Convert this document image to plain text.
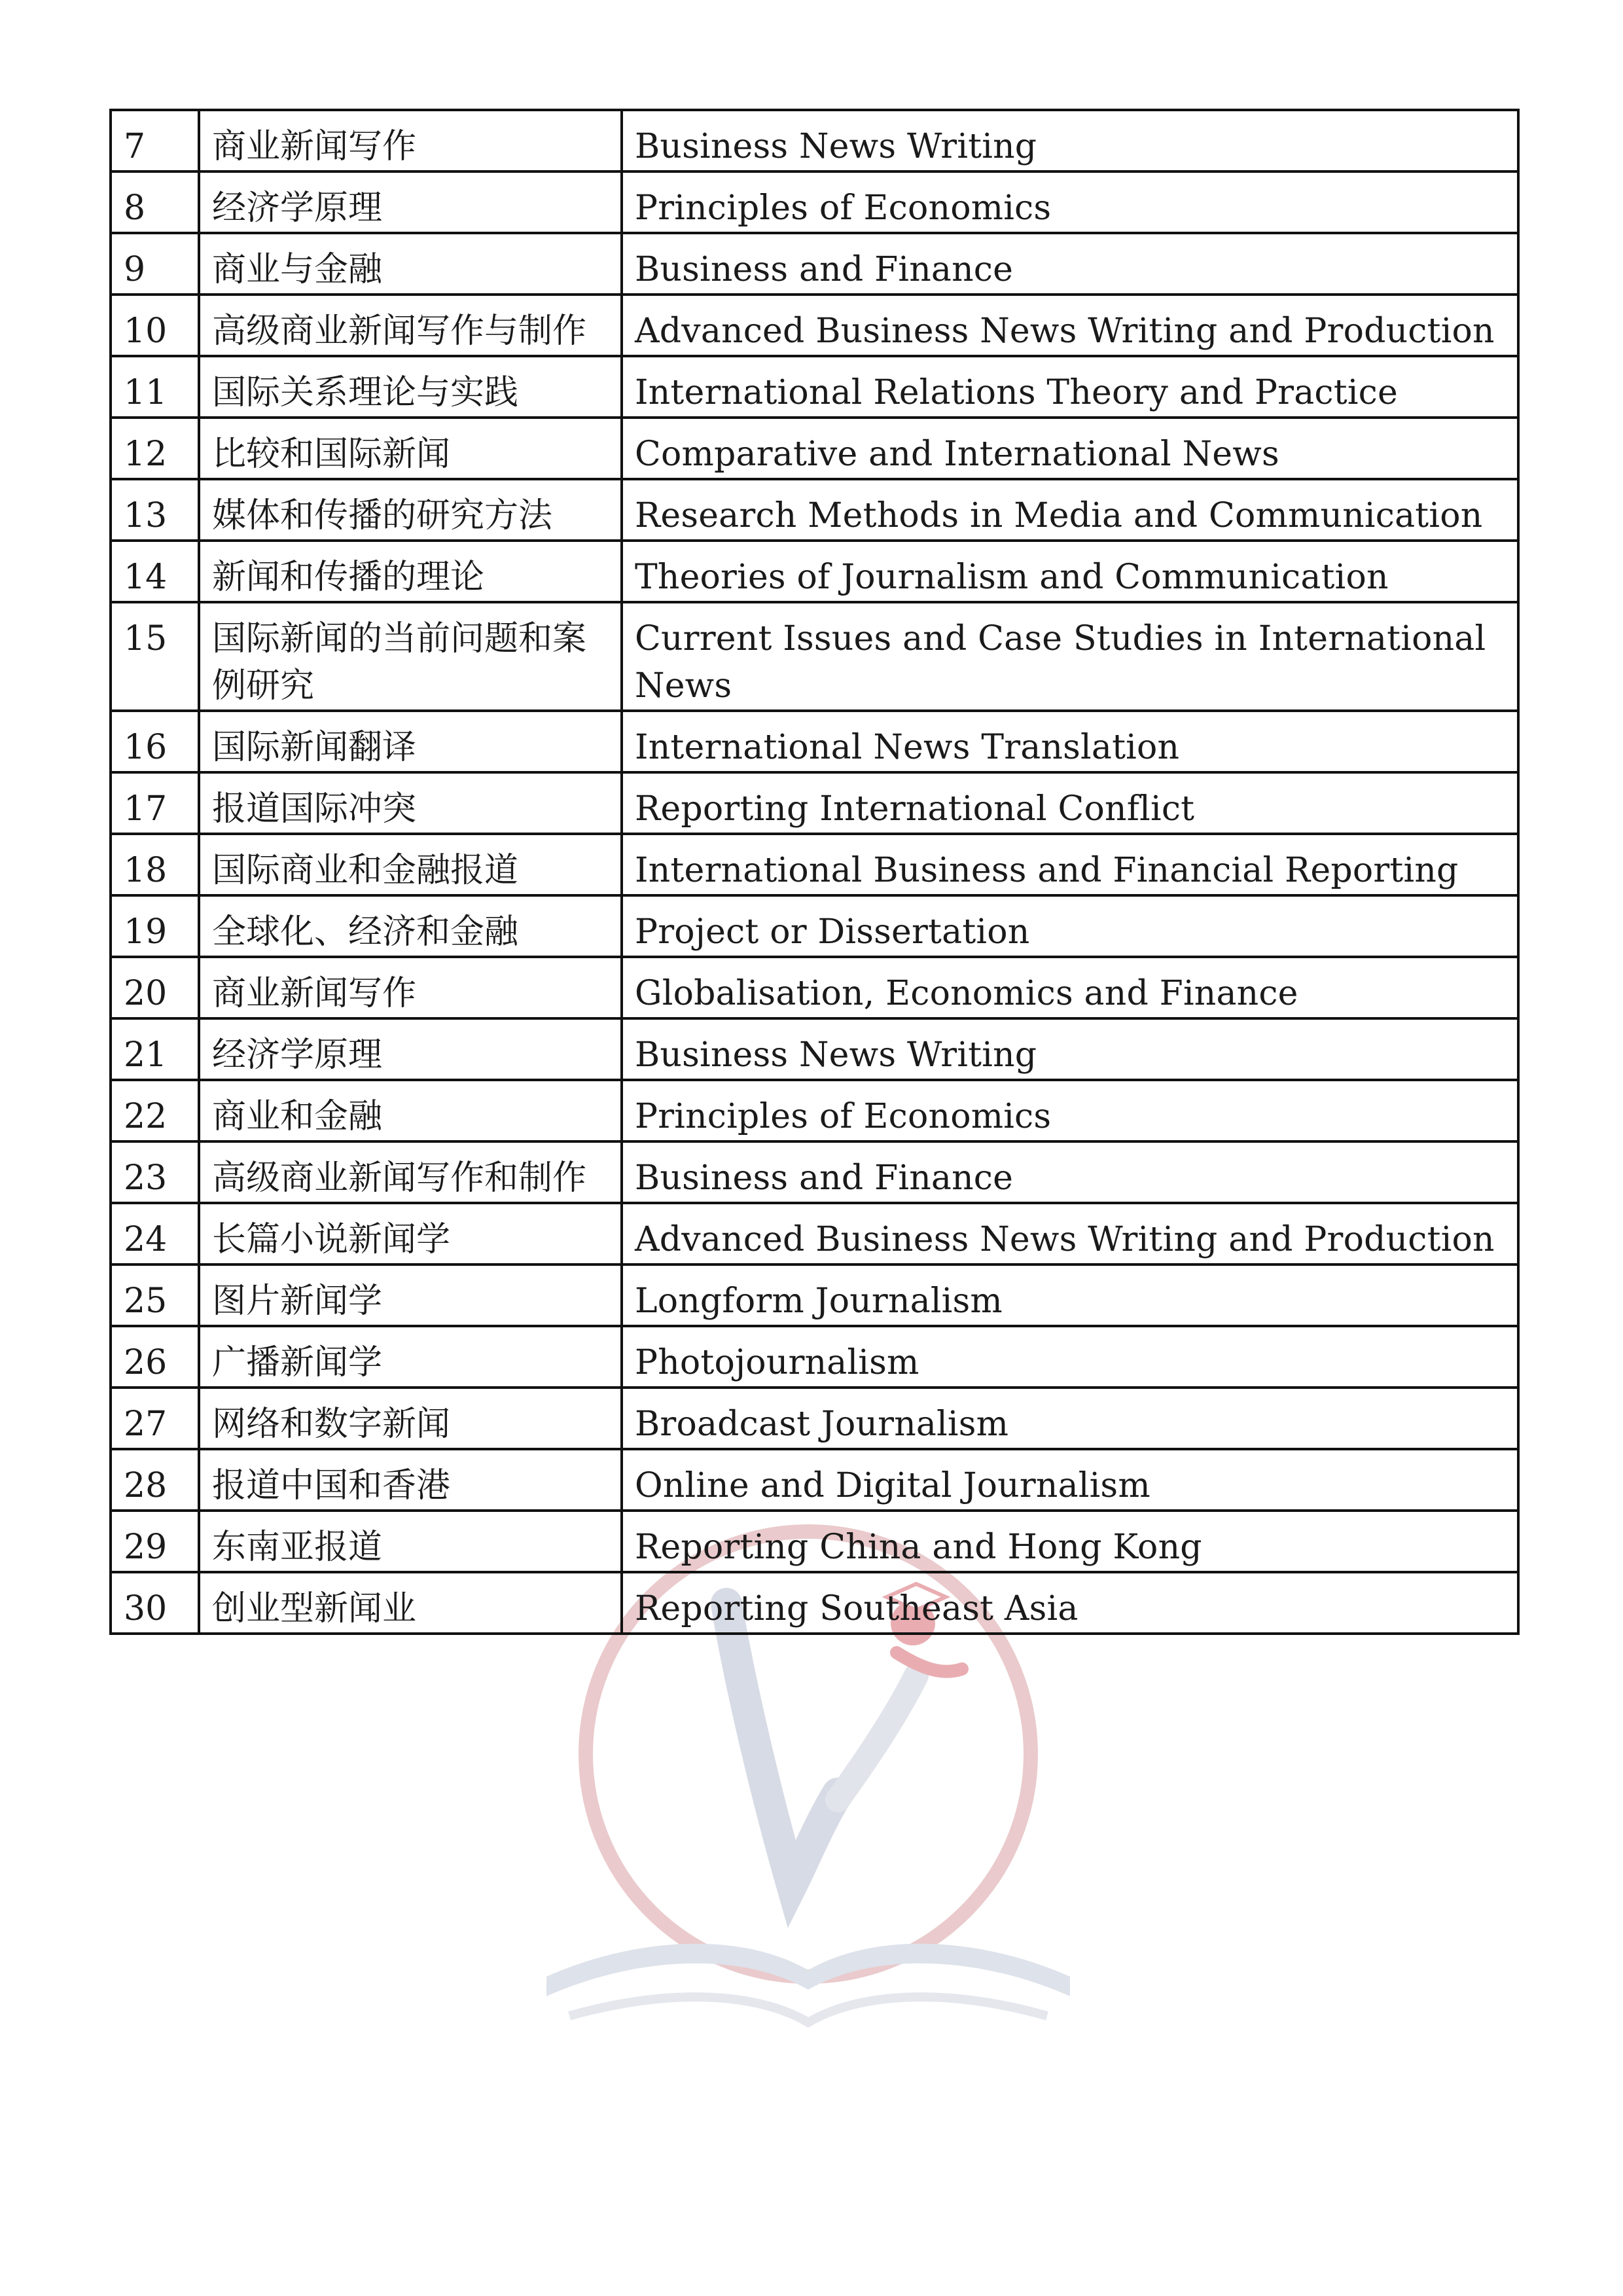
7	商业新闻写作	Business News Writing
8	经济学原理	Principles of Economics
9	商业与金融	Business and Finance
10	高级商业新闻写作与制作	Advanced Business News Writing and Production
11	国际关系理论与实践	International Relations Theory and Practice
12	比较和国际新闻	Comparative and International News
13	媒体和传播的研究方法	Research Methods in Media and Communication
14	新闻和传播的理论	Theories of Journalism and Communication
15	国际新闻的当前问题和案例研究	Current Issues and Case Studies in International News
16	国际新闻翻译	International News Translation
17	报道国际冲突	Reporting International Conflict
18	国际商业和金融报道	International Business and Financial Reporting
19	全球化、经济和金融	Project or Dissertation
20	商业新闻写作	Globalisation, Economics and Finance
21	经济学原理	Business News Writing
22	商业和金融	Principles of Economics
23	高级商业新闻写作和制作	Business and Finance
24	长篇小说新闻学	Advanced Business News Writing and Production
25	图片新闻学	Longform Journalism
26	广播新闻学	Photojournalism
27	网络和数字新闻	Broadcast Journalism
28	报道中国和香港	Online and Digital Journalism
29	东南亚报道	Reporting China and Hong Kong
30	创业型新闻业	Reporting Southeast Asia
